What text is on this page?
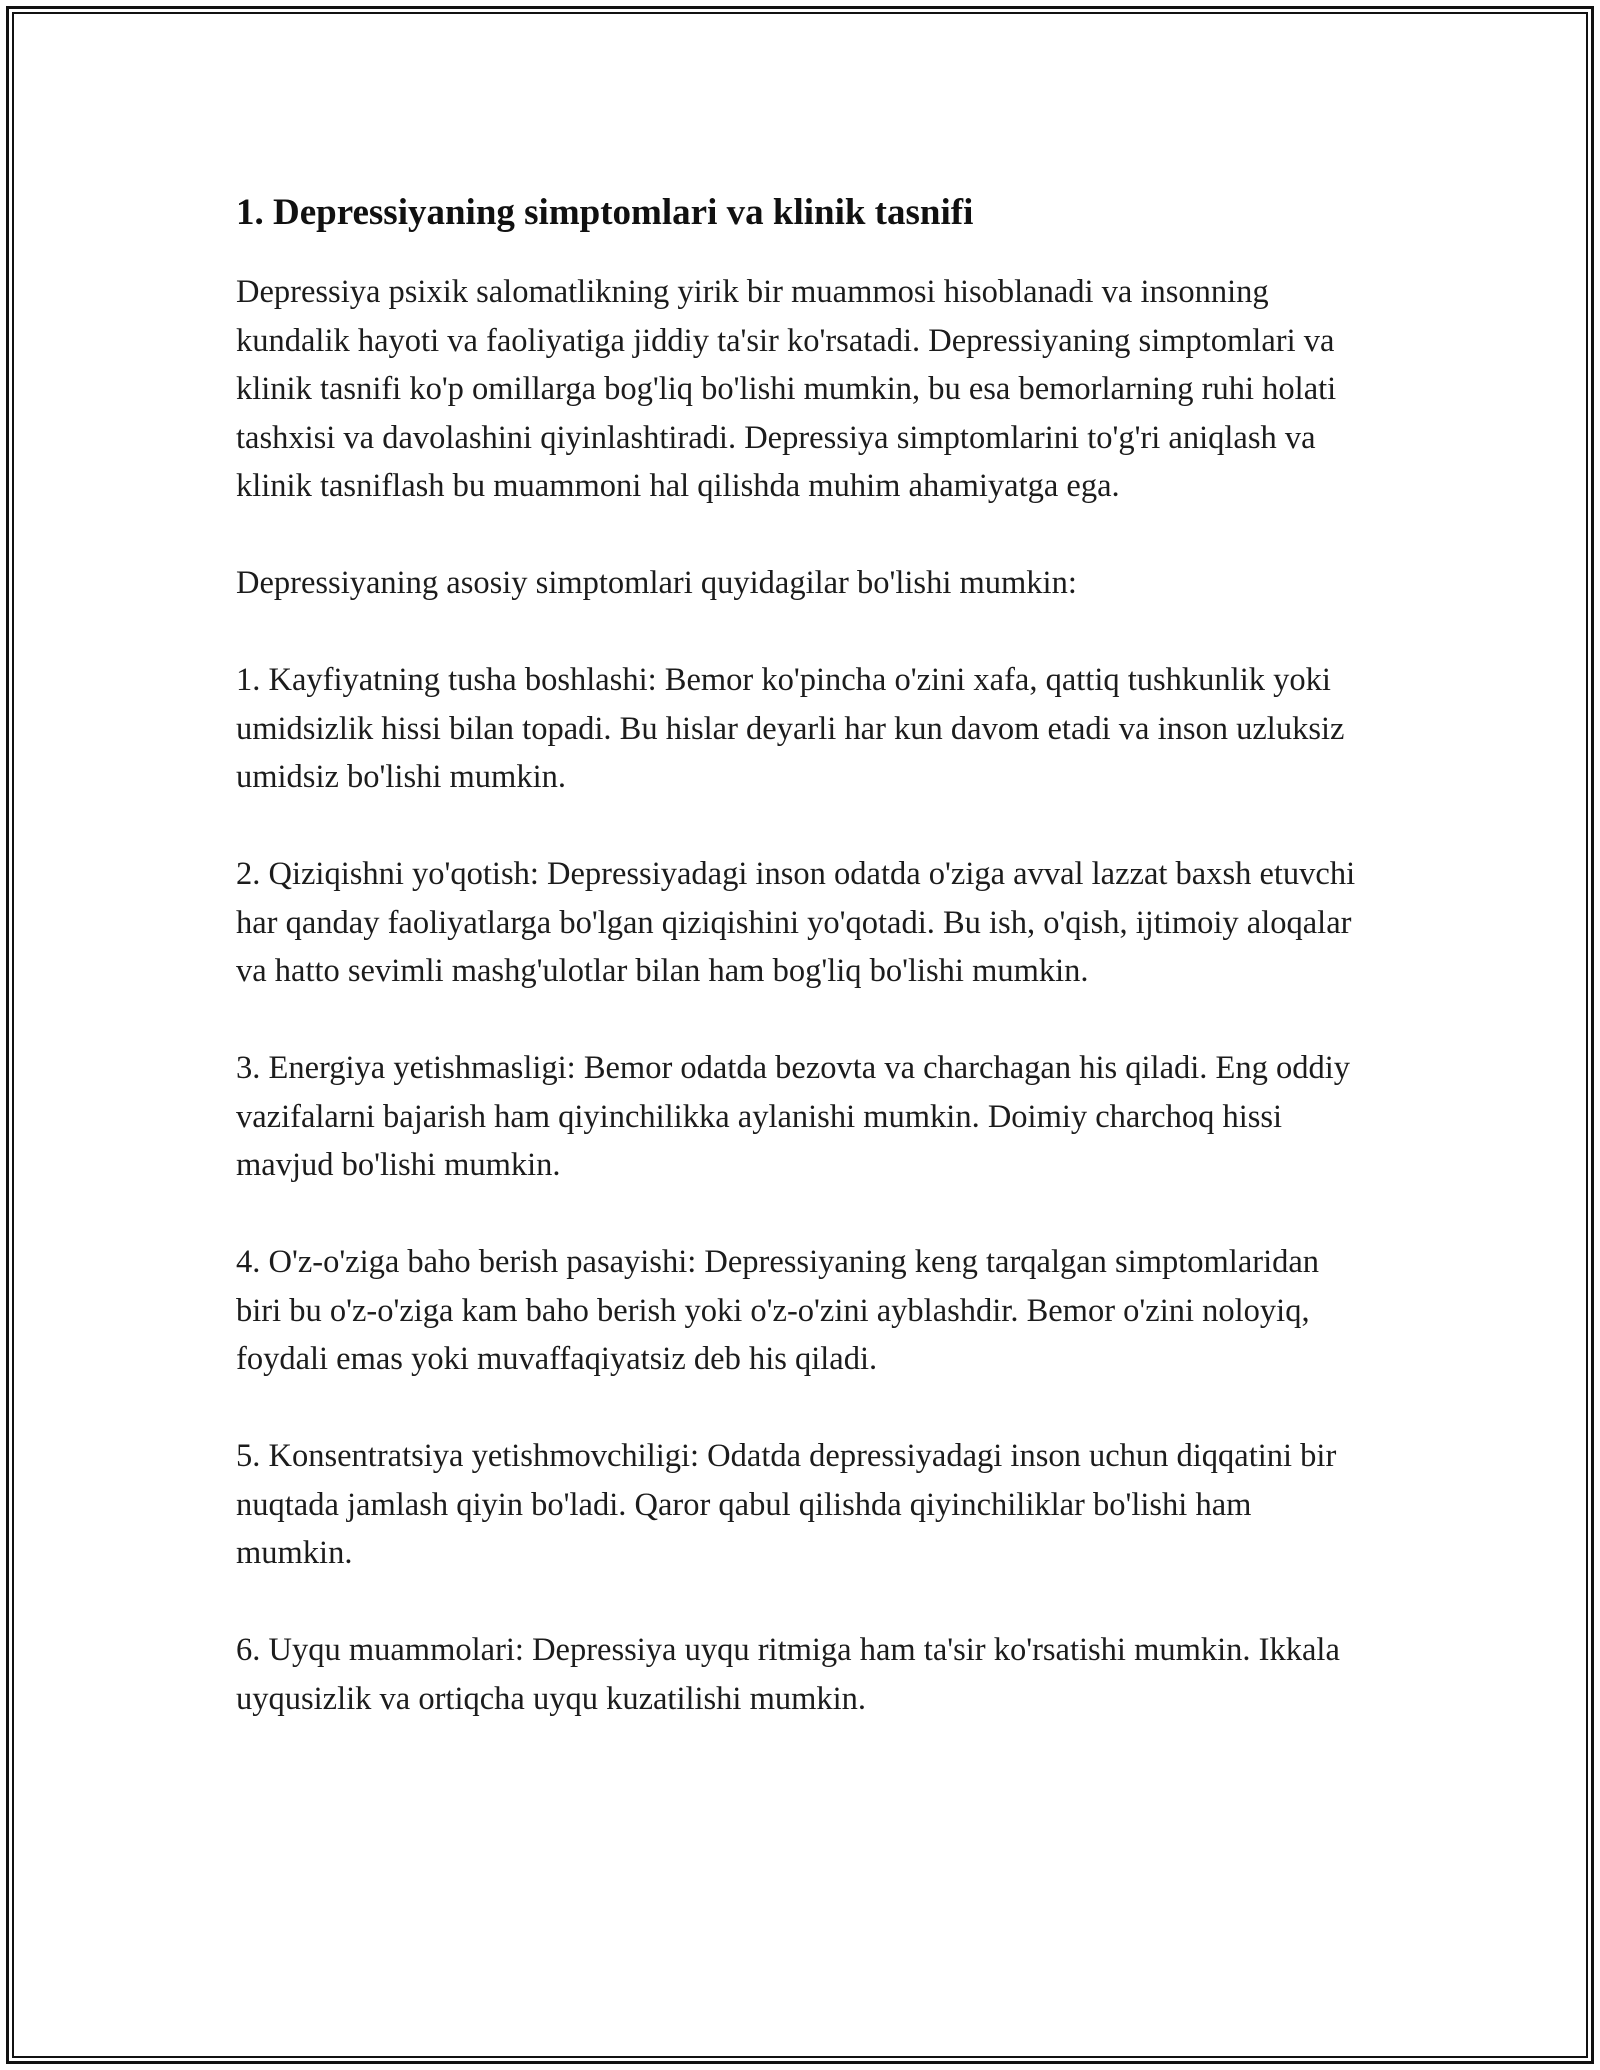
1. Depressiyaning simptomlari va klinik tasnifi

Depressiya psixik salomatlikning yirik bir muammosi hisoblanadi va insonning kundalik hayoti va faoliyatiga jiddiy ta'sir ko'rsatadi. Depressiyaning simptomlari va klinik tasnifi ko'p omillarga bog'liq bo'lishi mumkin, bu esa bemorlarning ruhi holati tashxisi va davolashini qiyinlashtiradi. Depressiya simptomlarini to'g'ri aniqlash va klinik tasniflash bu muammoni hal qilishda muhim ahamiyatga ega.

Depressiyaning asosiy simptomlari quyidagilar bo'lishi mumkin:

1. Kayfiyatning tusha boshlashi: Bemor ko'pincha o'zini xafa, qattiq tushkunlik yoki umidsizlik hissi bilan topadi. Bu hislar deyarli har kun davom etadi va inson uzluksiz umidsiz bo'lishi mumkin.

2. Qiziqishni yo'qotish: Depressiyadagi inson odatda o'ziga avval lazzat baxsh etuvchi har qanday faoliyatlarga bo'lgan qiziqishini yo'qotadi. Bu ish, o'qish, ijtimoiy aloqalar va hatto sevimli mashg'ulotlar bilan ham bog'liq bo'lishi mumkin.

3. Energiya yetishmasligi: Bemor odatda bezovta va charchagan his qiladi. Eng oddiy vazifalarni bajarish ham qiyinchilikka aylanishi mumkin. Doimiy charchoq hissi mavjud bo'lishi mumkin.

4. O'z-o'ziga baho berish pasayishi: Depressiyaning keng tarqalgan simptomlaridan biri bu o'z-o'ziga kam baho berish yoki o'z-o'zini ayblashdir. Bemor o'zini noloyiq, foydali emas yoki muvaffaqiyatsiz deb his qiladi.

5. Konsentratsiya yetishmovchiligi: Odatda depressiyadagi inson uchun diqqatini bir nuqtada jamlash qiyin bo'ladi. Qaror qabul qilishda qiyinchiliklar bo'lishi ham mumkin.

6. Uyqu muammolari: Depressiya uyqu ritmiga ham ta'sir ko'rsatishi mumkin. Ikkala uyqusizlik va ortiqcha uyqu kuzatilishi mumkin.
